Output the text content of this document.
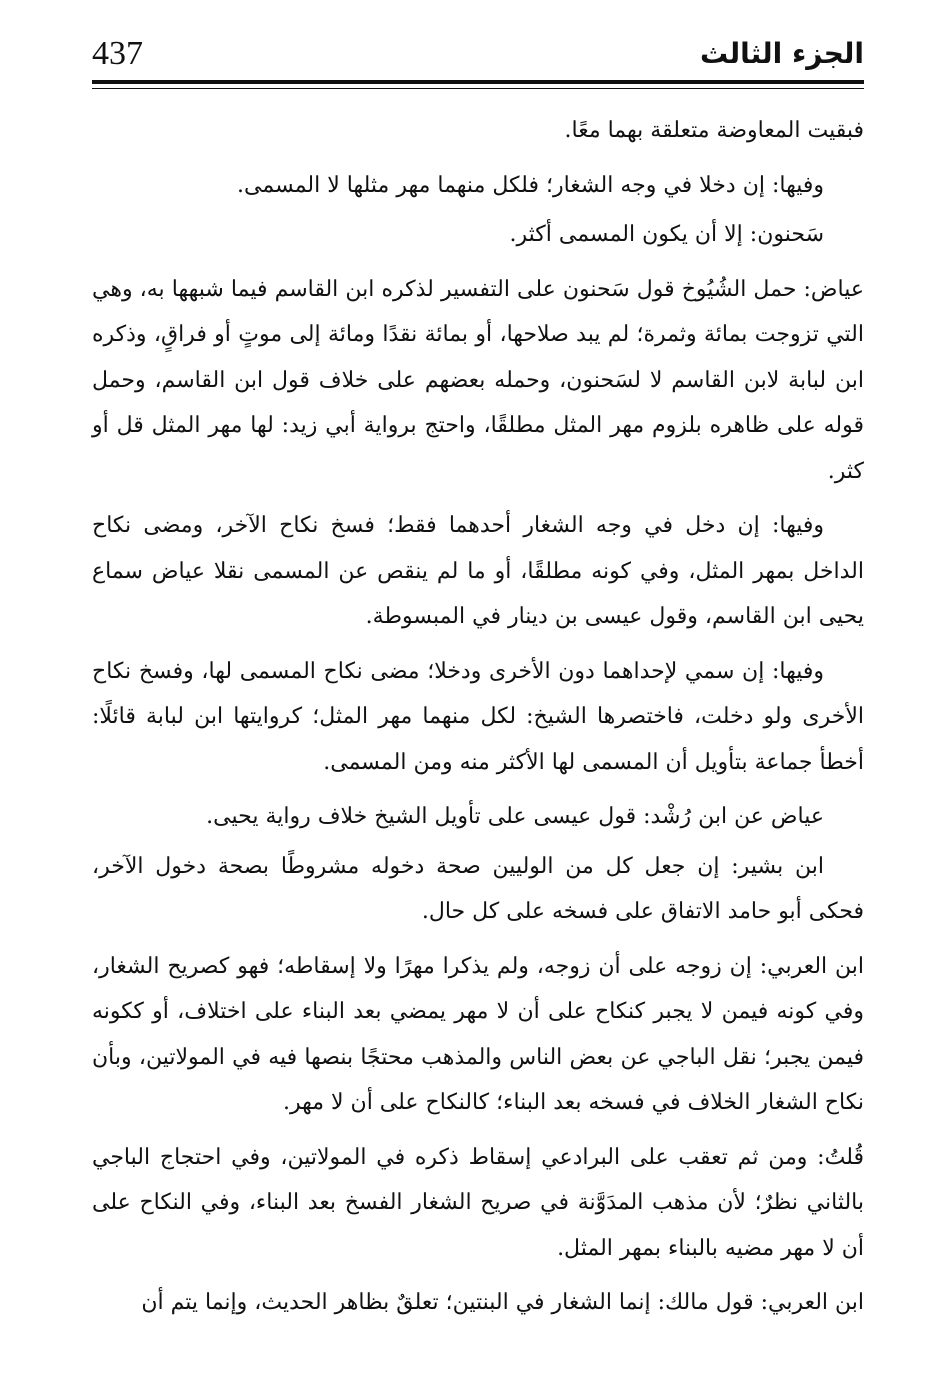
437	الجزء الثالث

فبقيت المعاوضة متعلقة بهما معًا.

وفيها: إن دخلا في وجه الشغار؛ فلكل منهما مهر مثلها لا المسمى.

سَحنون: إلا أن يكون المسمى أكثر.

عياض: حمل الشُيُوخ قول سَحنون على التفسير لذكره ابن القاسم فيما شبهها به، وهي التي تزوجت بمائة وثمرة؛ لم يبد صلاحها، أو بمائة نقدًا ومائة إلى موتٍ أو فراقٍ، وذكره ابن لبابة لابن القاسم لا لسَحنون، وحمله بعضهم على خلاف قول ابن القاسم، وحمل قوله على ظاهره بلزوم مهر المثل مطلقًا، واحتج برواية أبي زيد: لها مهر المثل قل أو كثر.

وفيها: إن دخل في وجه الشغار أحدهما فقط؛ فسخ نكاح الآخر، ومضى نكاح الداخل بمهر المثل، وفي كونه مطلقًا، أو ما لم ينقص عن المسمى نقلا عياض سماع يحيى ابن القاسم، وقول عيسى بن دينار في المبسوطة.

وفيها: إن سمي لإحداهما دون الأخرى ودخلا؛ مضى نكاح المسمى لها، وفسخ نكاح الأخرى ولو دخلت، فاختصرها الشيخ: لكل منهما مهر المثل؛ كروايتها ابن لبابة قائلًا: أخطأ جماعة بتأويل أن المسمى لها الأكثر منه ومن المسمى.

عياض عن ابن رُشْد: قول عيسى على تأويل الشيخ خلاف رواية يحيى.

ابن بشير: إن جعل كل من الوليين صحة دخوله مشروطًا بصحة دخول الآخر، فحكى أبو حامد الاتفاق على فسخه على كل حال.

ابن العربي: إن زوجه على أن زوجه، ولم يذكرا مهرًا ولا إسقاطه؛ فهو كصريح الشغار، وفي كونه فيمن لا يجبر كنكاح على أن لا مهر يمضي بعد البناء على اختلاف، أو ككونه فيمن يجبر؛ نقل الباجي عن بعض الناس والمذهب محتجًا بنصها فيه في المولاتين، وبأن نكاح الشغار الخلاف في فسخه بعد البناء؛ كالنكاح على أن لا مهر.

قُلتُ: ومن ثم تعقب على البرادعي إسقاط ذكره في المولاتين، وفي احتجاج الباجي بالثاني نظرٌ؛ لأن مذهب المدَوَّنة في صريح الشغار الفسخ بعد البناء، وفي النكاح على أن لا مهر مضيه بالبناء بمهر المثل.

ابن العربي: قول مالك: إنما الشغار في البنتين؛ تعلقٌ بظاهر الحديث، وإنما يتم أن
